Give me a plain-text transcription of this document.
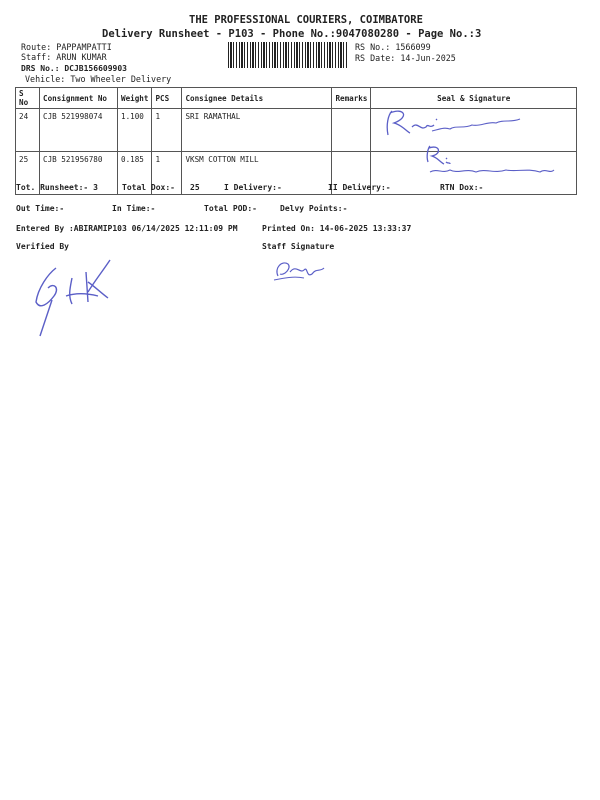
THE PROFESSIONAL COURIERS, COIMBATORE
Delivery Runsheet - P103 - Phone No.:9047080280 - Page No.:3
Route: PAPPAMPATTI
Staff: ARUN KUMAR
DRS No.: DCJB156609903
Vehicle: Two Wheeler Delivery
RS No.: 1566099
RS Date: 14-Jun-2025
S No	Consignment No	Weight	PCS	Consignee Details	Remarks	Seal & Signature
24	CJB 521998074	1.100	1	SRI RAMATHAL		
25	CJB 521956780	0.185	1	VKSM COTTON MILL		
Tot. Runsheet:- 3	Total Dox:- 25	I Delivery:-	II Delivery:-	RTN Dox:-
Out Time:-	In Time:-	Total POD:-	Delvy Points:-
Entered By :ABIRAMIP103 06/14/2025 12:11:09 PM	Printed On: 14-06-2025 13:33:37
Verified By	Staff Signature
